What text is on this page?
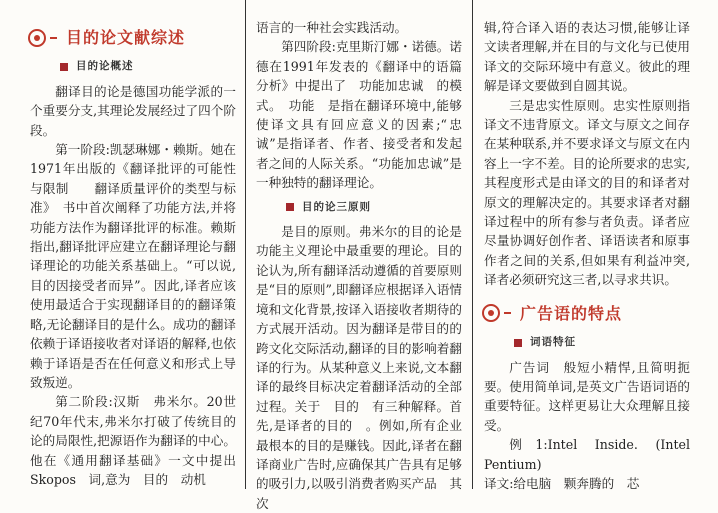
目的论文献综述
目的论概述

翻译目的论是德国功能学派的一个重要分支,其理论发展经过了四个阶段。

第一阶段:凯瑟琳娜・赖斯。她在1971年出版的《翻译批评的可能性与限制　　翻译质量评价的类型与标准》　书中首次阐释了功能方法,并将功能方法作为翻译批评的标准。赖斯指出,翻译批评应建立在翻译理论与翻译理论的功能关系基础上。“可以说,目的因接受者而异”。因此,译者应该使用最适合于实现翻译目的的翻译策略,无论翻译目的是什么。成功的翻译依赖于译语接收者对译语的解释,也依赖于译语是否在任何意义和形式上导致叛逆。

第二阶段:汉斯　弗米尔。20世纪70年代末,弗米尔打破了传统目的论的局限性,把源语作为翻译的中心。他在《通用翻译基础》一文中提出Skopos　词,意为　目的　动机　

语言的一种社会实践活动。

第四阶段:克里斯汀娜・诺德。诺德在1991年发表的《翻译中的语篇分析》中提出了　功能加忠诚　的模式。　功能　是指在翻译环境中,能够使译文具有回应意义的因素;“忠诚”是指译者、作者、接受者和发起者之间的人际关系。“功能加忠诚”是一种独特的翻译理论。

目的论三原则

是目的原则。弗米尔的目的论是功能主义理论中最重要的理论。目的论认为,所有翻译活动遵循的首要原则是“目的原则”,即翻译应根据译入语情境和文化背景,按译入语接收者期待的方式展开活动。因为翻译是带目的的跨文化交际活动,翻译的目的影响着翻译的行为。从某种意义上来说,文本翻译的最终目标决定着翻译活动的全部过程。关于　目的　有三种解释。首先,是译者的目的　。例如,所有企业最根本的目的是赚钱。因此,译者在翻译商业广告时,应确保其广告具有足够的吸引力,以吸引消费者购买产品　其次　

辑,符合译入语的表达习惯,能够让译文读者理解,并在目的与文化与已使用译文的交际环境中有意义。彼此的理解是译文要做到自圆其说。

三是忠实性原则。忠实性原则指译文不违背原文。译文与原文之间存在某种联系,并不要求译文与原文在内容上一字不差。目的论所要求的忠实,其程度形式是由译文的目的和译者对原文的理解决定的。其要求译者对翻译过程中的所有参与者负责。译者应尽量协调好创作者、译语读者和原事作者之间的关系,但如果有利益冲突,译者必须研究这三者,以寻求共识。

广告语的特点
词语特征

广告词　般短小精悍,且简明扼要。使用简单词,是英文广告语词语的重要特征。这样更易让大众理解且接受。

例1:Intel Inside. (Intel Pentium)

译文:给电脑　颗奔腾的　芯　
